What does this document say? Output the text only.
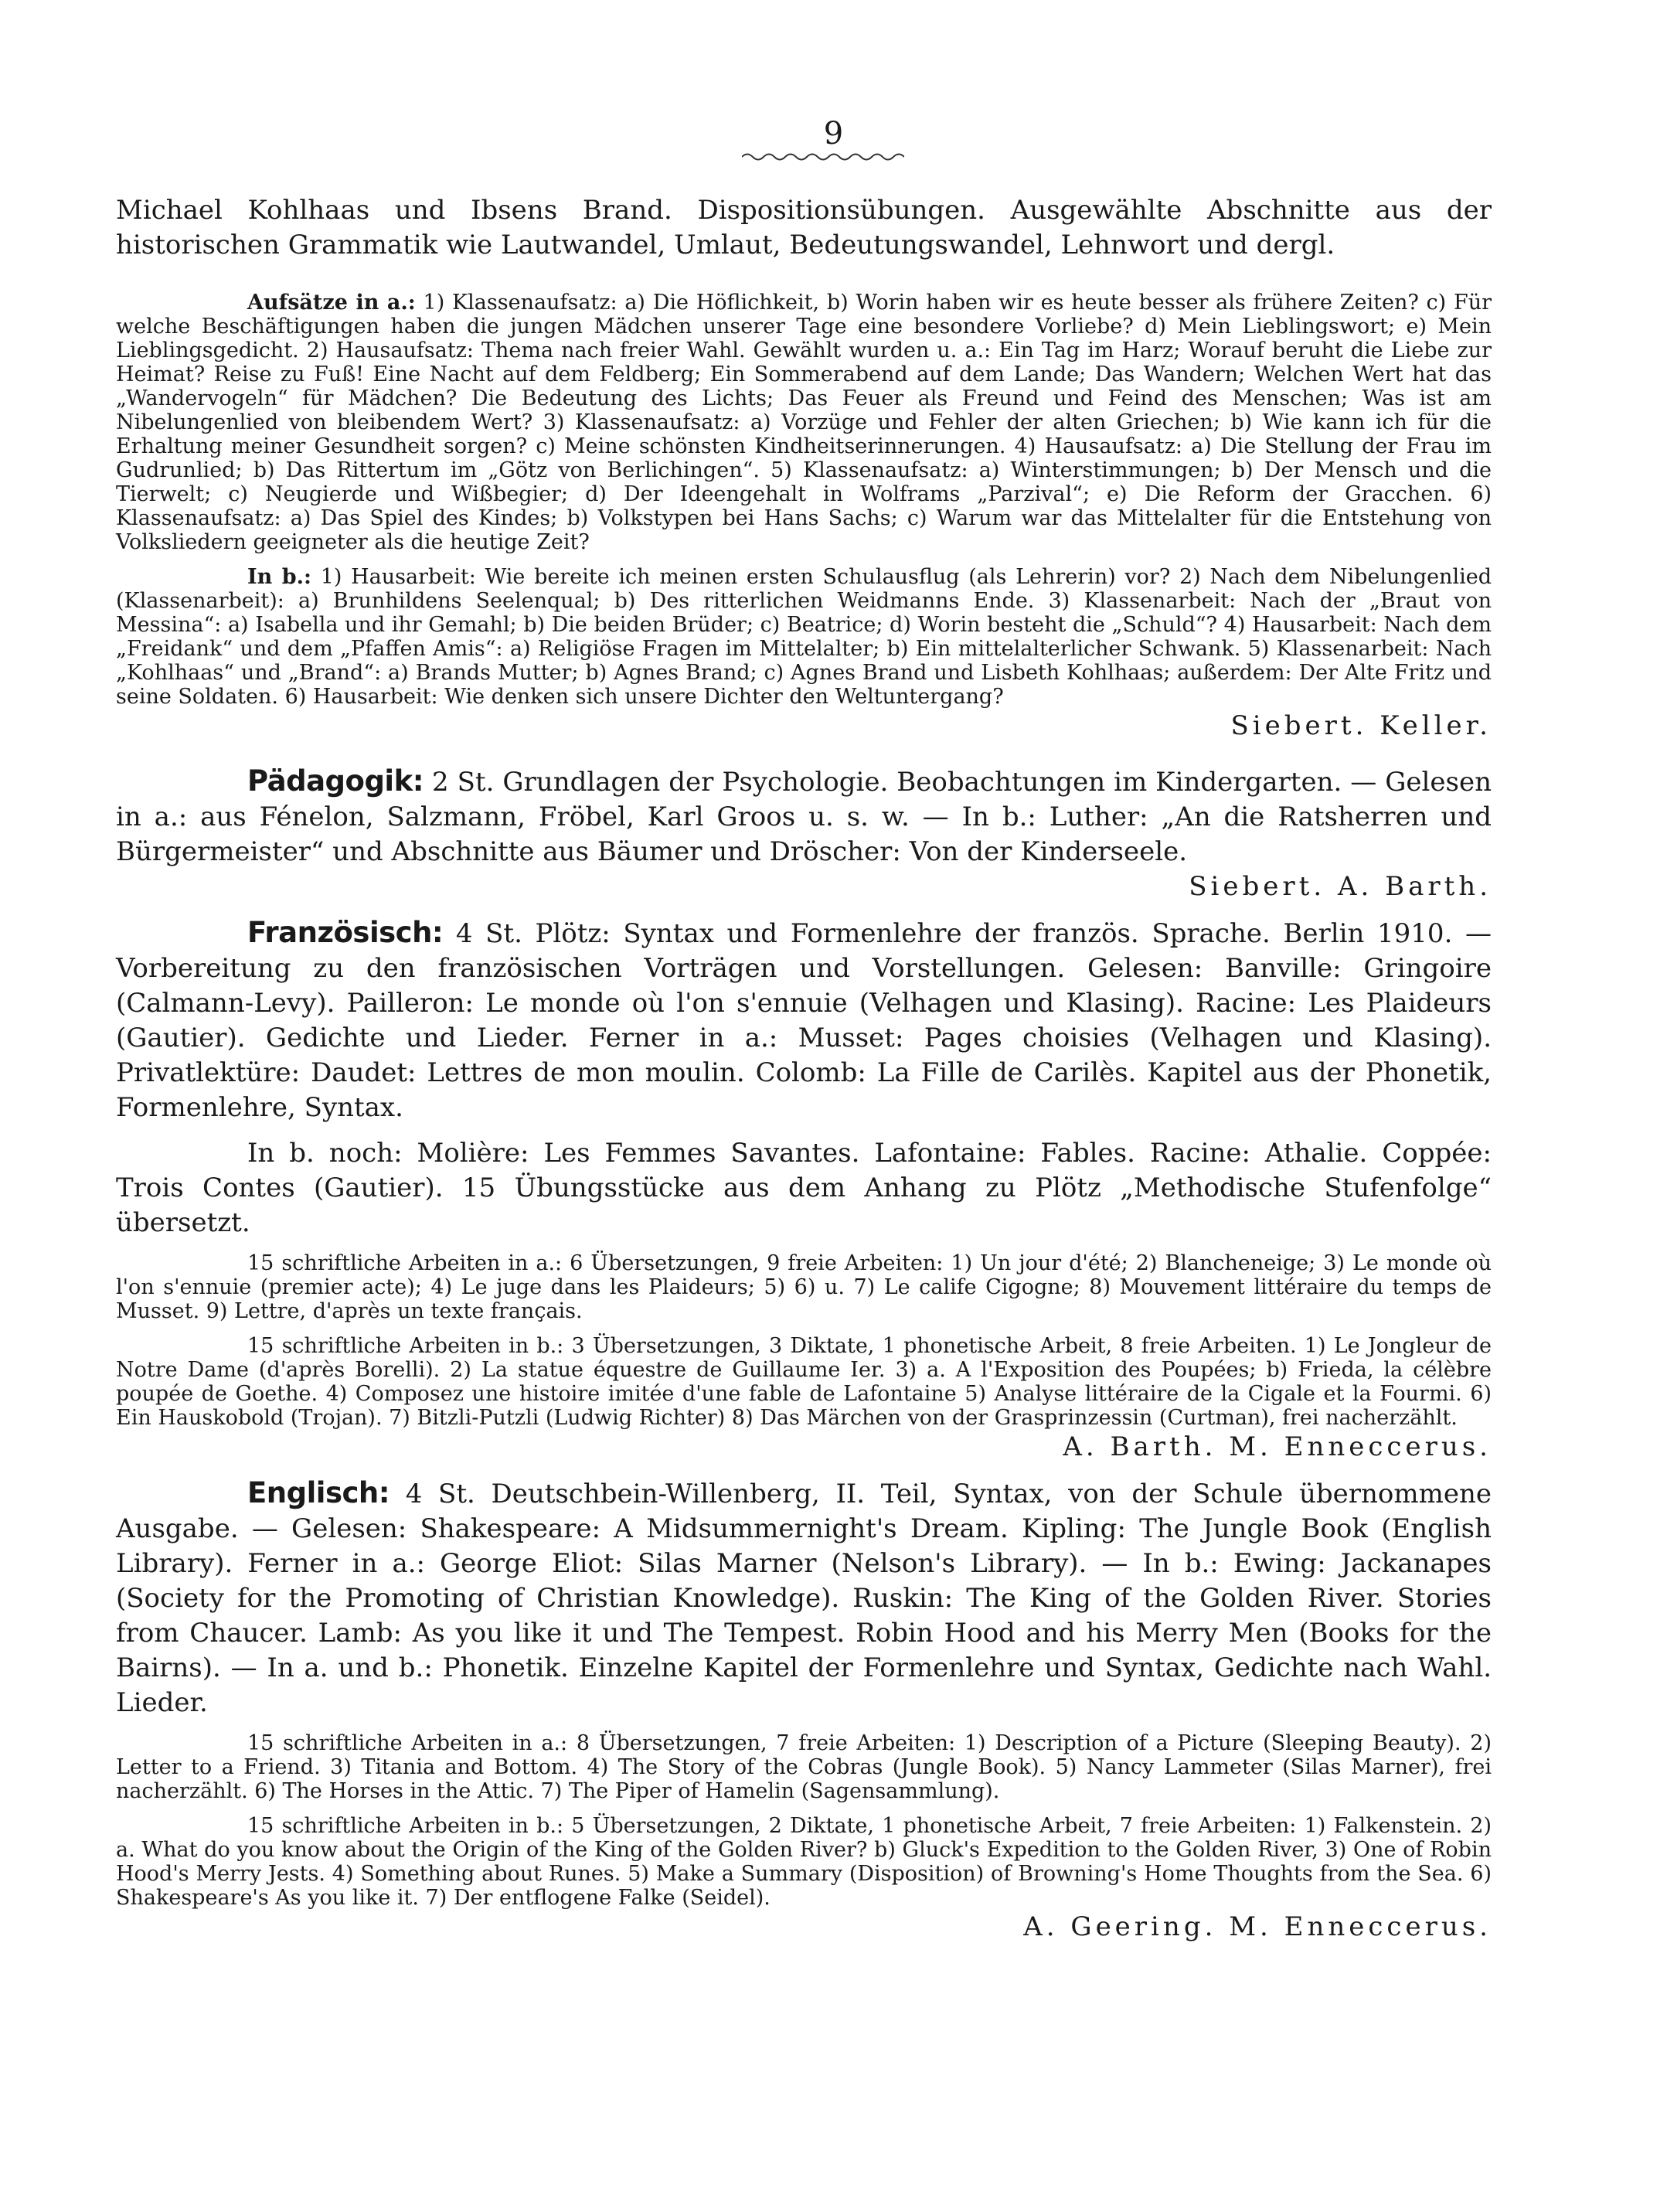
9

Michael Kohlhaas und Ibsens Brand. Dispositionsübungen. Ausgewählte Abschnitte aus der historischen Grammatik wie Lautwandel, Umlaut, Bedeutungswandel, Lehnwort und dergl.

Aufsätze in a.: 1) Klassenaufsatz: a) Die Höflichkeit, b) Worin haben wir es heute besser als frühere Zeiten? c) Für welche Beschäftigungen haben die jungen Mädchen unserer Tage eine besondere Vorliebe? d) Mein Lieblingswort; e) Mein Lieblingsgedicht. 2) Hausaufsatz: Thema nach freier Wahl. Gewählt wurden u. a.: Ein Tag im Harz; Worauf beruht die Liebe zur Heimat? Reise zu Fuß! Eine Nacht auf dem Feldberg; Ein Sommerabend auf dem Lande; Das Wandern; Welchen Wert hat das „Wandervogeln“ für Mädchen? Die Bedeutung des Lichts; Das Feuer als Freund und Feind des Menschen; Was ist am Nibelungenlied von bleibendem Wert? 3) Klassenaufsatz: a) Vorzüge und Fehler der alten Griechen; b) Wie kann ich für die Erhaltung meiner Gesundheit sorgen? c) Meine schönsten Kindheitserinnerungen. 4) Hausaufsatz: a) Die Stellung der Frau im Gudrunlied; b) Das Rittertum im „Götz von Berlichingen“. 5) Klassenaufsatz: a) Winterstimmungen; b) Der Mensch und die Tierwelt; c) Neugierde und Wißbegier; d) Der Ideengehalt in Wolframs „Parzival“; e) Die Reform der Gracchen. 6) Klassenaufsatz: a) Das Spiel des Kindes; b) Volkstypen bei Hans Sachs; c) Warum war das Mittelalter für die Entstehung von Volksliedern geeigneter als die heutige Zeit?

In b.: 1) Hausarbeit: Wie bereite ich meinen ersten Schulausflug (als Lehrerin) vor? 2) Nach dem Nibelungenlied (Klassenarbeit): a) Brunhildens Seelenqual; b) Des ritterlichen Weidmanns Ende. 3) Klassenarbeit: Nach der „Braut von Messina“: a) Isabella und ihr Gemahl; b) Die beiden Brüder; c) Beatrice; d) Worin besteht die „Schuld“? 4) Hausarbeit: Nach dem „Freidank“ und dem „Pfaffen Amis“: a) Religiöse Fragen im Mittelalter; b) Ein mittelalterlicher Schwank. 5) Klassenarbeit: Nach „Kohlhaas“ und „Brand“: a) Brands Mutter; b) Agnes Brand; c) Agnes Brand und Lisbeth Kohlhaas; außerdem: Der Alte Fritz und seine Soldaten. 6) Hausarbeit: Wie denken sich unsere Dichter den Weltuntergang?

Siebert. Keller.

Pädagogik: 2 St. Grundlagen der Psychologie. Beobachtungen im Kindergarten. — Gelesen in a.: aus Fénelon, Salzmann, Fröbel, Karl Groos u. s. w. — In b.: Luther: „An die Ratsherren und Bürgermeister“ und Abschnitte aus Bäumer und Dröscher: Von der Kinderseele.

Siebert. A. Barth.

Französisch: 4 St. Plötz: Syntax und Formenlehre der französ. Sprache. Berlin 1910. — Vorbereitung zu den französischen Vorträgen und Vorstellungen. Gelesen: Banville: Gringoire (Calmann-Levy). Pailleron: Le monde où l'on s'ennuie (Velhagen und Klasing). Racine: Les Plaideurs (Gautier). Gedichte und Lieder. Ferner in a.: Musset: Pages choisies (Velhagen und Klasing). Privatlektüre: Daudet: Lettres de mon moulin. Colomb: La Fille de Carilès. Kapitel aus der Phonetik, Formenlehre, Syntax.

In b. noch: Molière: Les Femmes Savantes. Lafontaine: Fables. Racine: Athalie. Coppée: Trois Contes (Gautier). 15 Übungsstücke aus dem Anhang zu Plötz „Methodische Stufenfolge“ übersetzt.

15 schriftliche Arbeiten in a.: 6 Übersetzungen, 9 freie Arbeiten: 1) Un jour d'été; 2) Blancheneige; 3) Le monde où l'on s'ennuie (premier acte); 4) Le juge dans les Plaideurs; 5) 6) u. 7) Le calife Cigogne; 8) Mouvement littéraire du temps de Musset. 9) Lettre, d'après un texte français.

15 schriftliche Arbeiten in b.: 3 Übersetzungen, 3 Diktate, 1 phonetische Arbeit, 8 freie Arbeiten. 1) Le Jongleur de Notre Dame (d'après Borelli). 2) La statue équestre de Guillaume Ier. 3) a. A l'Exposition des Poupées; b) Frieda, la célèbre poupée de Goethe. 4) Composez une histoire imitée d'une fable de Lafontaine 5) Analyse littéraire de la Cigale et la Fourmi. 6) Ein Hauskobold (Trojan). 7) Bitzli-Putzli (Ludwig Richter) 8) Das Märchen von der Grasprinzessin (Curtman), frei nacherzählt.

A. Barth. M. Enneccerus.

Englisch: 4 St. Deutschbein-Willenberg, II. Teil, Syntax, von der Schule übernommene Ausgabe. — Gelesen: Shakespeare: A Midsummernight's Dream. Kipling: The Jungle Book (English Library). Ferner in a.: George Eliot: Silas Marner (Nelson's Library). — In b.: Ewing: Jackanapes (Society for the Promoting of Christian Knowledge). Ruskin: The King of the Golden River. Stories from Chaucer. Lamb: As you like it und The Tempest. Robin Hood and his Merry Men (Books for the Bairns). — In a. und b.: Phonetik. Einzelne Kapitel der Formenlehre und Syntax, Gedichte nach Wahl. Lieder.

15 schriftliche Arbeiten in a.: 8 Übersetzungen, 7 freie Arbeiten: 1) Description of a Picture (Sleeping Beauty). 2) Letter to a Friend. 3) Titania and Bottom. 4) The Story of the Cobras (Jungle Book). 5) Nancy Lammeter (Silas Marner), frei nacherzählt. 6) The Horses in the Attic. 7) The Piper of Hamelin (Sagensammlung).

15 schriftliche Arbeiten in b.: 5 Übersetzungen, 2 Diktate, 1 phonetische Arbeit, 7 freie Arbeiten: 1) Falkenstein. 2) a. What do you know about the Origin of the King of the Golden River? b) Gluck's Expedition to the Golden River, 3) One of Robin Hood's Merry Jests. 4) Something about Runes. 5) Make a Summary (Disposition) of Browning's Home Thoughts from the Sea. 6) Shakespeare's As you like it. 7) Der entflogene Falke (Seidel).

A. Geering. M. Enneccerus.
